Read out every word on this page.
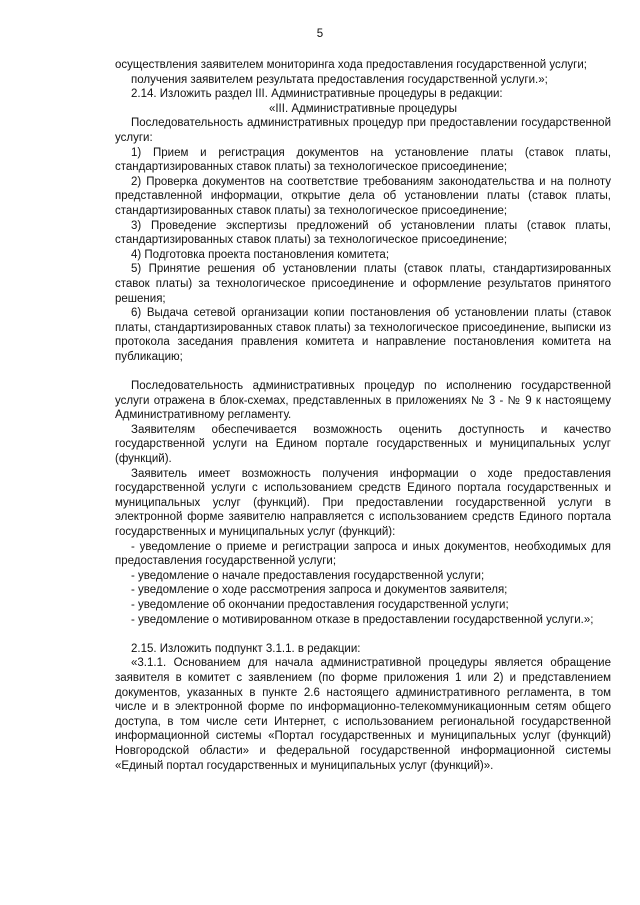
5

осуществления заявителем мониторинга хода предоставления государственной услуги;

получения заявителем результата предоставления государственной услуги.»;

2.14. Изложить раздел III. Административные процедуры в редакции:

«III. Административные процедуры

Последовательность административных процедур при предоставлении государственной услуги:

1) Прием и регистрация документов на установление платы (ставок платы, стандартизированных ставок платы) за технологическое присоединение;

2) Проверка документов на соответствие требованиям законодательства и на полноту представленной информации, открытие дела об установлении платы (ставок платы, стандартизированных ставок платы) за технологическое присоединение;

3) Проведение экспертизы предложений об установлении платы (ставок платы, стандартизированных ставок платы) за технологическое присоединение;

4) Подготовка проекта постановления комитета;

5) Принятие решения об установлении платы (ставок платы, стандартизированных ставок платы) за технологическое присоединение и оформление результатов принятого решения;

6) Выдача сетевой организации копии постановления об установлении платы (ставок платы, стандартизированных ставок платы) за технологическое присоединение, выписки из протокола заседания правления комитета и направление постановления комитета на публикацию;

Последовательность административных процедур по исполнению государственной услуги отражена в блок-схемах, представленных в приложениях № 3 - № 9 к настоящему Административному регламенту.

Заявителям обеспечивается возможность оценить доступность и качество государственной услуги на Едином портале государственных и муниципальных услуг (функций).

Заявитель имеет возможность получения информации о ходе предоставления государственной услуги с использованием средств Единого портала государственных и муниципальных услуг (функций). При предоставлении государственной услуги в электронной форме заявителю направляется с использованием средств Единого портала государственных и муниципальных услуг (функций):

- уведомление о приеме и регистрации запроса и иных документов, необходимых для предоставления государственной услуги;

- уведомление о начале предоставления государственной услуги;

- уведомление о ходе рассмотрения запроса и документов заявителя;

- уведомление об окончании предоставления государственной услуги;

- уведомление о мотивированном отказе в предоставлении государственной услуги.»;

2.15. Изложить подпункт 3.1.1. в редакции:

«3.1.1. Основанием для начала административной процедуры является обращение заявителя в комитет с заявлением (по форме приложения 1 или 2) и представлением документов, указанных в пункте 2.6 настоящего административного регламента, в том числе и в электронной форме по информационно-телекоммуникационным сетям общего доступа, в том числе сети Интернет, с использованием региональной государственной информационной системы «Портал государственных и муниципальных услуг (функций) Новгородской области» и федеральной государственной информационной системы «Единый портал государственных и муниципальных услуг (функций)».
